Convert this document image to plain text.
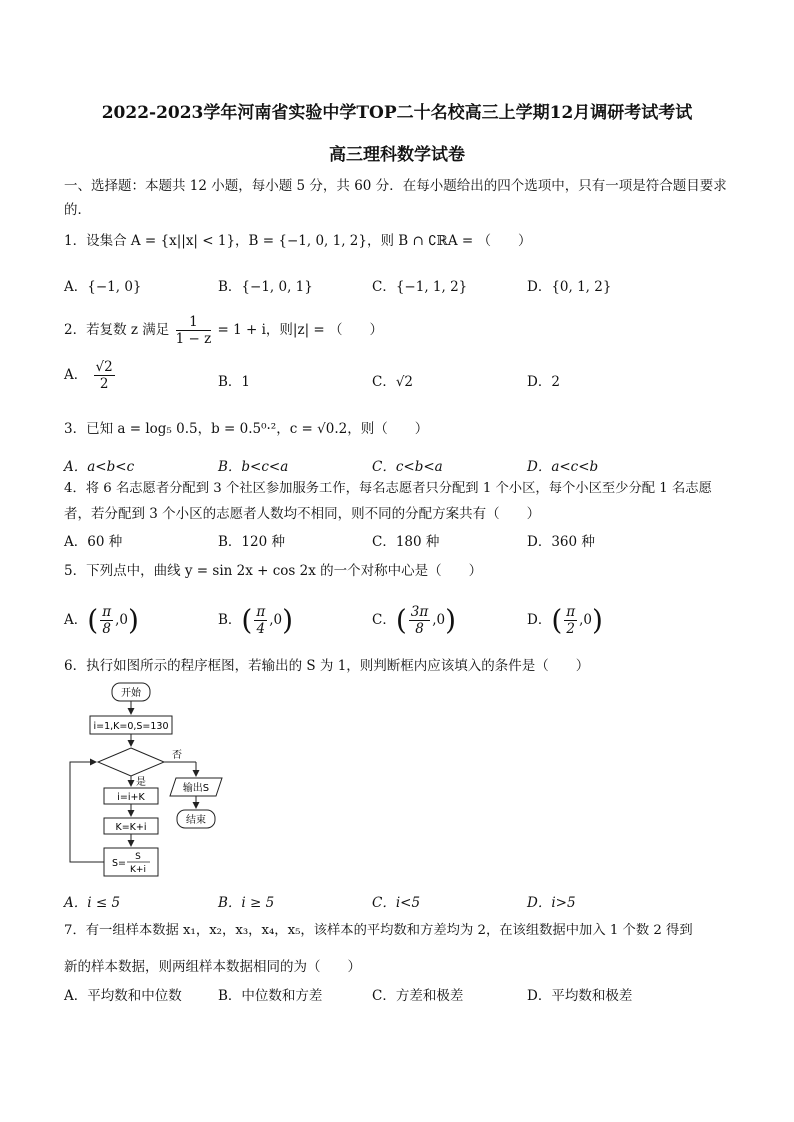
2022-2023学年河南省实验中学TOP二十名校高三上学期12月调研考试考试
高三理科数学试卷
一、选择题：本题共 12 小题，每小题 5 分，共 60 分．在每小题给出的四个选项中，只有一项是符合题目要求
的．
1．设集合 A = {x||x| < 1}，B = {−1, 0, 1, 2}，则 B ∩ ∁ℝA = （　　）
A．{−1, 0}	B．{−1, 0, 1}	C．{−1, 1, 2}	D．{0, 1, 2}
2．若复数 z 满足 $\frac{1}{1 - z} = 1 + i$，则|z| = （　　）
A． $\frac{√2}{2}$	B．1	C．√2	D．2
3．已知 a = log₅ 0.5，b = 0.5⁰·²，c = √0.2，则（　　）
A．a<b<c	B．b<c<a	C．c<b<a	D．a<c<b
4．将 6 名志愿者分配到 3 个社区参加服务工作，每名志愿者只分配到 1 个小区，每个小区至少分配 1 名志愿
者，若分配到 3 个小区的志愿者人数均不相同，则不同的分配方案共有（　　）
A．60 种	B．120 种	C．180 种	D．360 种
5．下列点中，曲线 y = sin 2x + cos 2x 的一个对称中心是（　　）
A．( $\frac{\pi}{8} ,0$)	B．( $\frac{\pi}{4} ,0$)	C．( $\frac{3\pi}{8} ,0$)	D．( $\frac{\pi}{2} ,0$)
6．执行如图所示的程序框图，若输出的 S 为 1，则判断框内应该填入的条件是（　　）
开始
i=1,K=0,S=130
否
是
输出S
结束
i=i+K
K=K+i
S=
S
K+i
A．i ≤ 5	B．i ≥ 5	C．i<5	D．i>5
7．有一组样本数据 x₁，x₂，x₃，x₄，x₅，该样本的平均数和方差均为 2，在该组数据中加入 1 个数 2 得到
新的样本数据，则两组样本数据相同的为（　　）
A．平均数和中位数	B．中位数和方差	C．方差和极差	D．平均数和极差
